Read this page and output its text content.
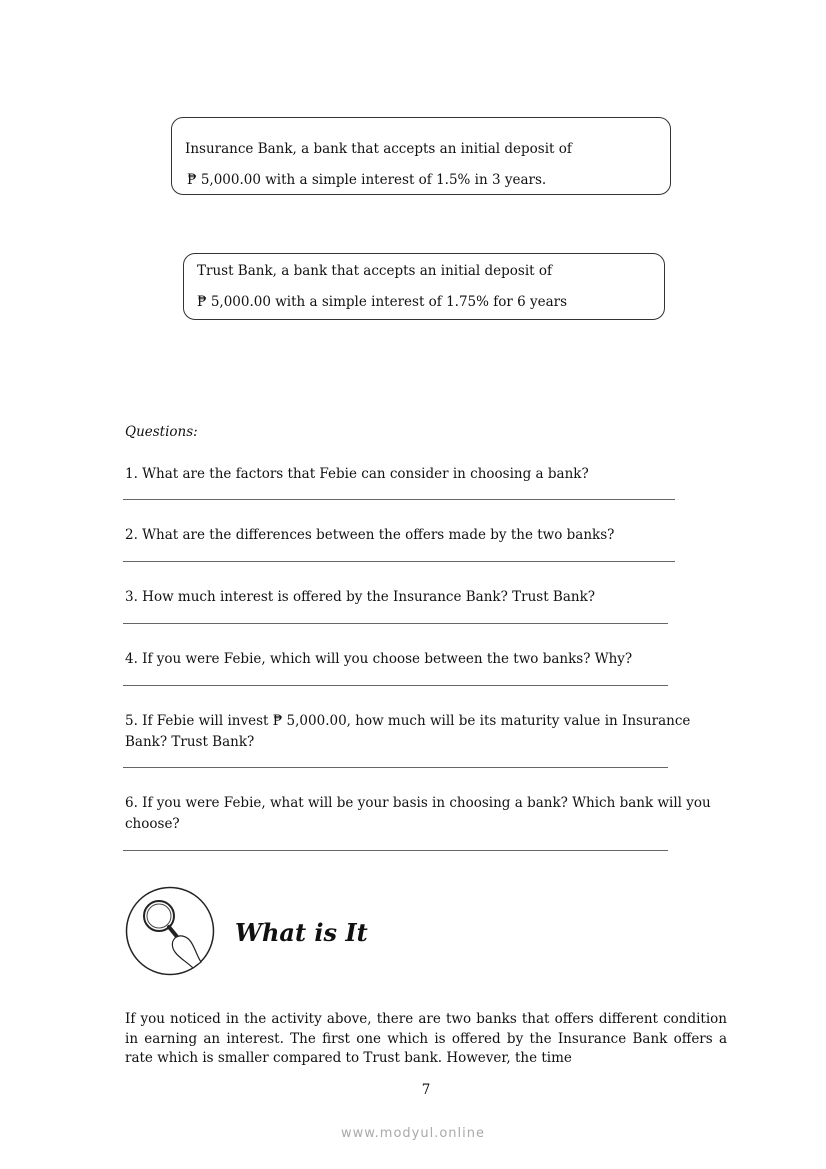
Insurance Bank, a bank that accepts an initial deposit of

₱ 5,000.00 with a simple interest of 1.5% in 3 years.

Trust Bank, a bank that accepts an initial deposit of

₱ 5,000.00 with a simple interest of 1.75% for 6 years

Questions:

1. What are the factors that Febie can consider in choosing a bank?

2. What are the differences between the offers made by the two banks?

3. How much interest is offered by the Insurance Bank? Trust Bank?

4. If you were Febie, which will you choose between the two banks? Why?

5. If Febie will invest ₱ 5,000.00, how much will be its maturity value in Insurance Bank? Trust Bank?

6. If you were Febie, what will be your basis in choosing a bank? Which bank will you choose?

What is It

If you noticed in the activity above, there are two banks that offers different condition in earning an interest. The first one which is offered by the Insurance Bank offers a rate which is smaller compared to Trust bank. However, the time

7

www.modyul.online
